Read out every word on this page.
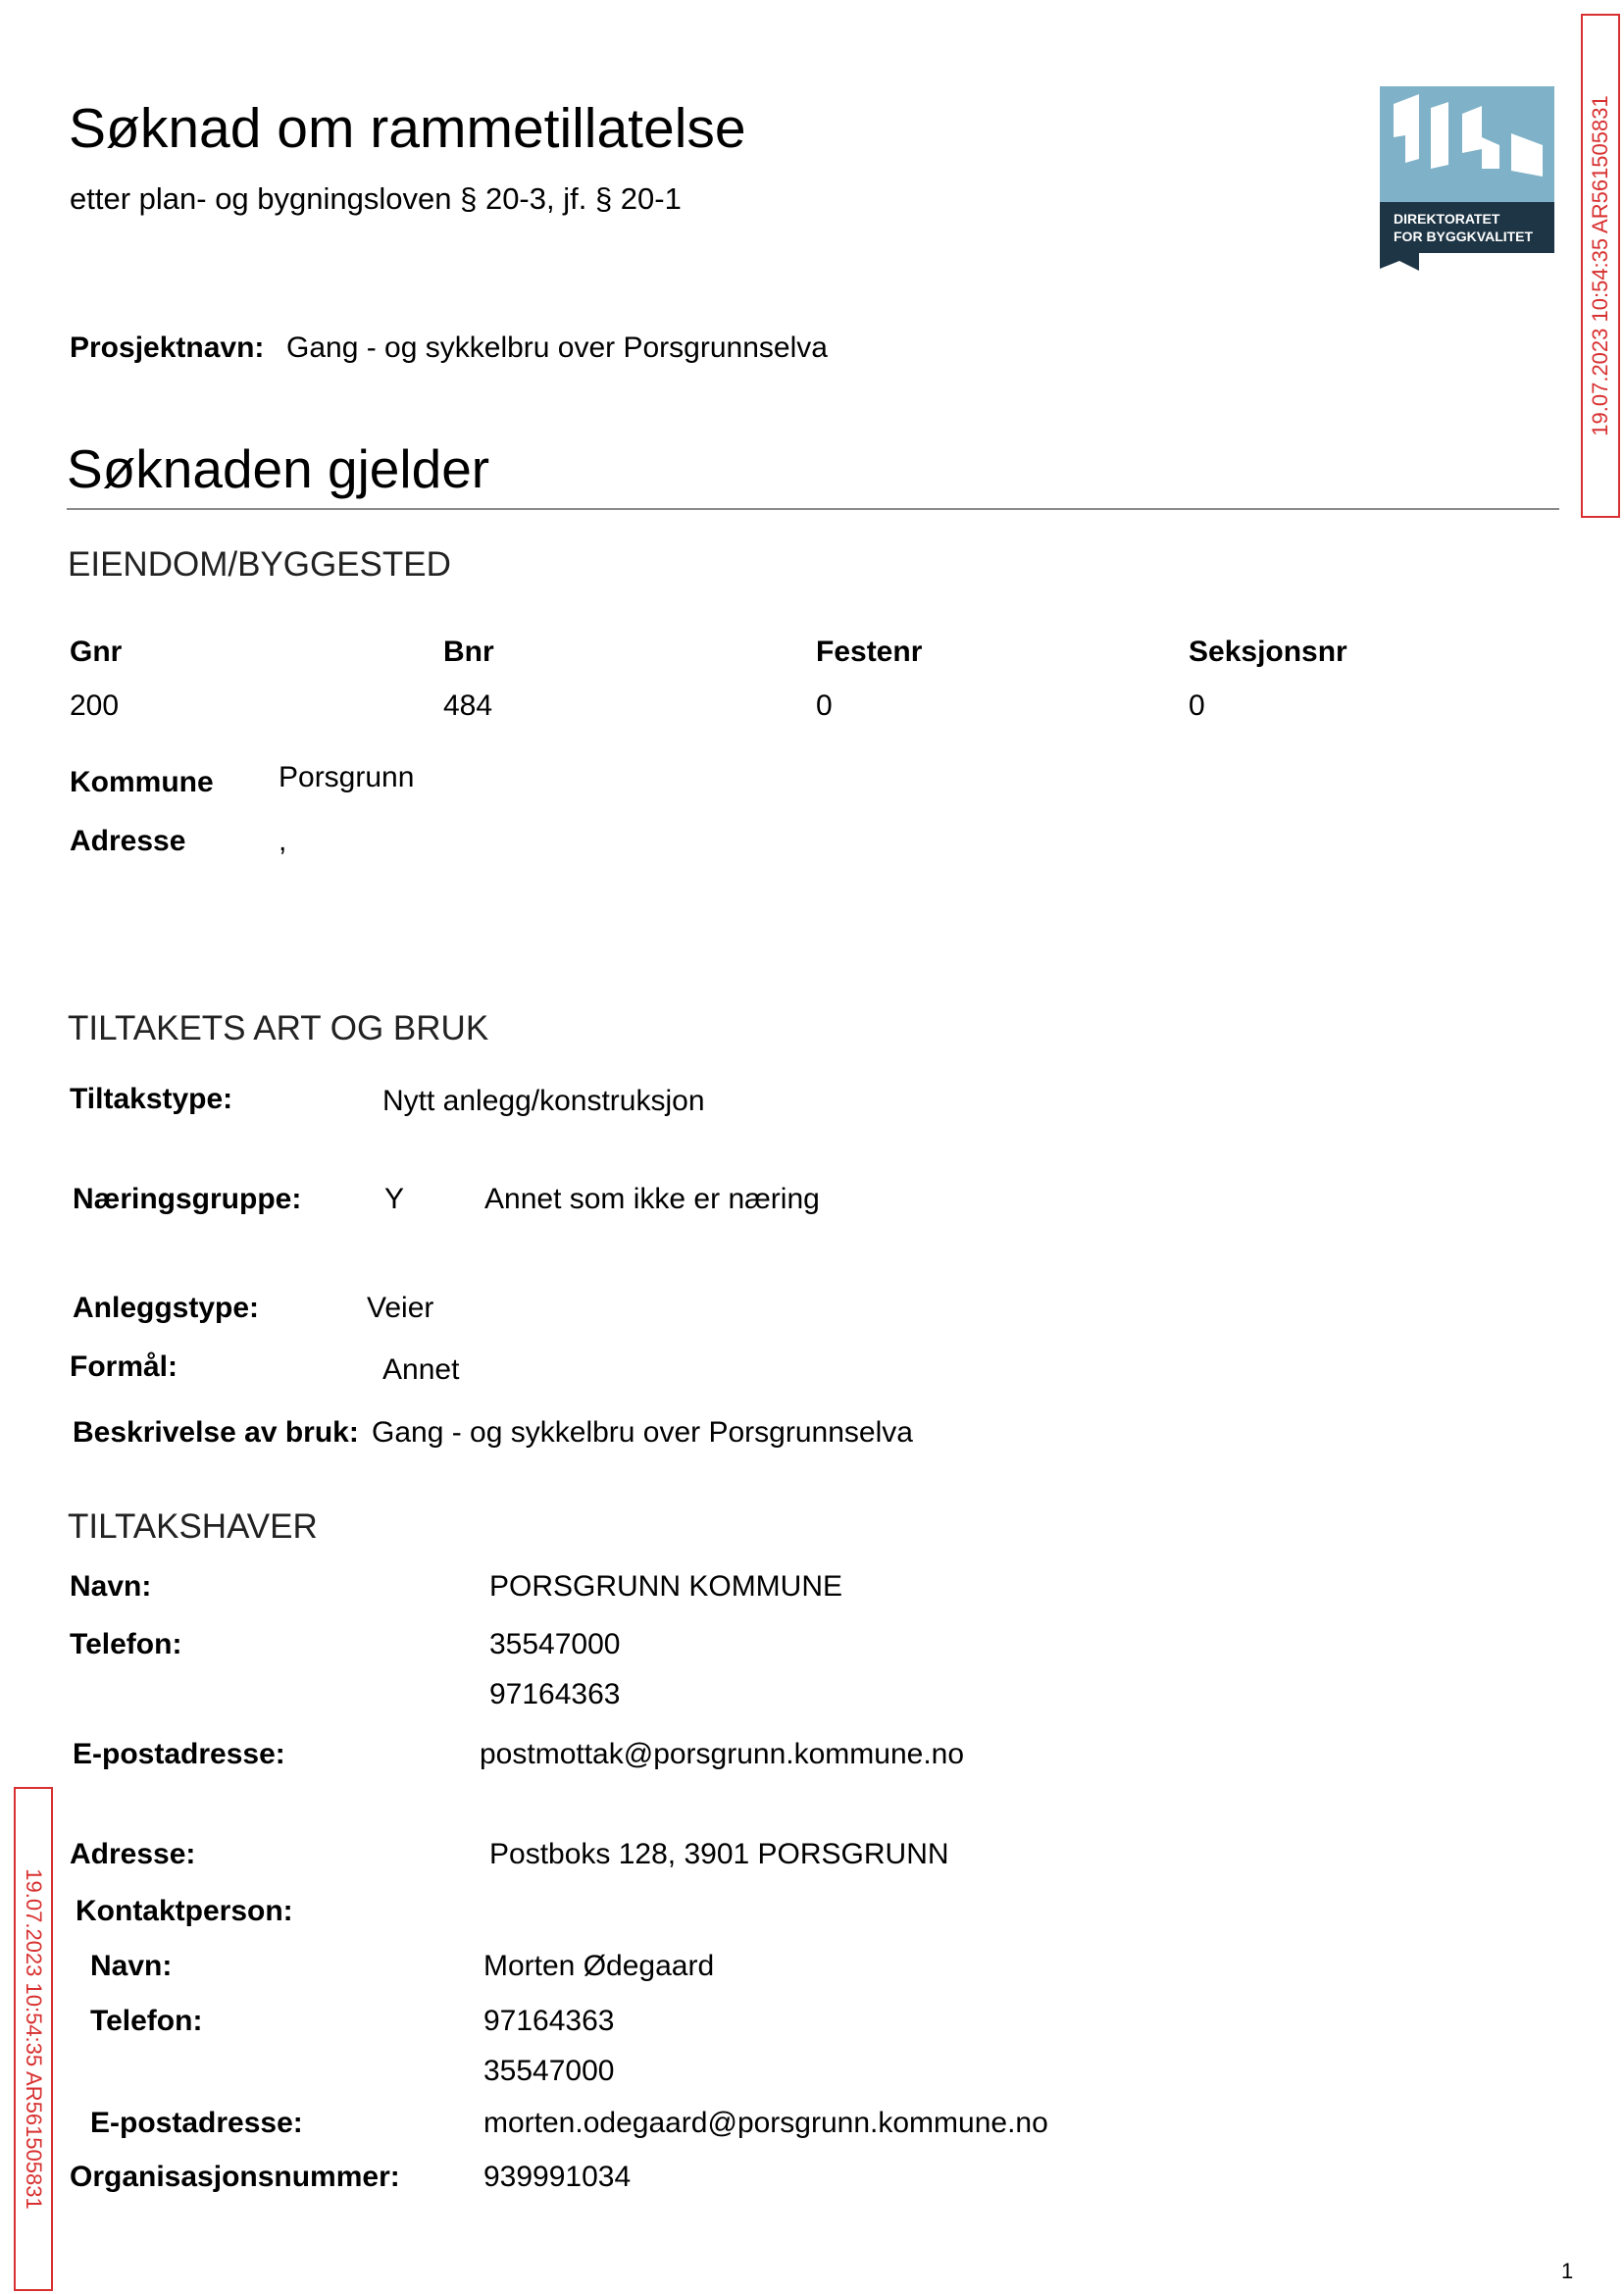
19.07.2023 10:54:35 AR561505831
19.07.2023 10:54:35 AR561505831
DIREKTORATET
FOR BYGGKVALITET
Søknad om rammetillatelse
etter plan- og bygningsloven § 20-3, jf. § 20-1
Prosjektnavn: Gang - og sykkelbru over Porsgrunnselva
Søknaden gjelder
EIENDOM/BYGGESTED
Gnr	Bnr	Festenr	Seksjonsnr
200	484	0	0
Kommune Porsgrunn
Adresse	,
TILTAKETS ART OG BRUK
Tiltakstype:	Nytt anlegg/konstruksjon
Næringsgruppe:	Y	Annet som ikke er næring
Anleggstype:	Veier
Formål:	Annet
Beskrivelse av bruk: Gang - og sykkelbru over Porsgrunnselva
TILTAKSHAVER
Navn:	PORSGRUNN KOMMUNE
Telefon:	35547000
97164363
E-postadresse:	postmottak@porsgrunn.kommune.no
Adresse:	Postboks 128, 3901 PORSGRUNN
Kontaktperson:
Navn:	Morten Ødegaard
Telefon:	97164363
35547000
E-postadresse:	morten.odegaard@porsgrunn.kommune.no
Organisasjonsnummer:	939991034
1
